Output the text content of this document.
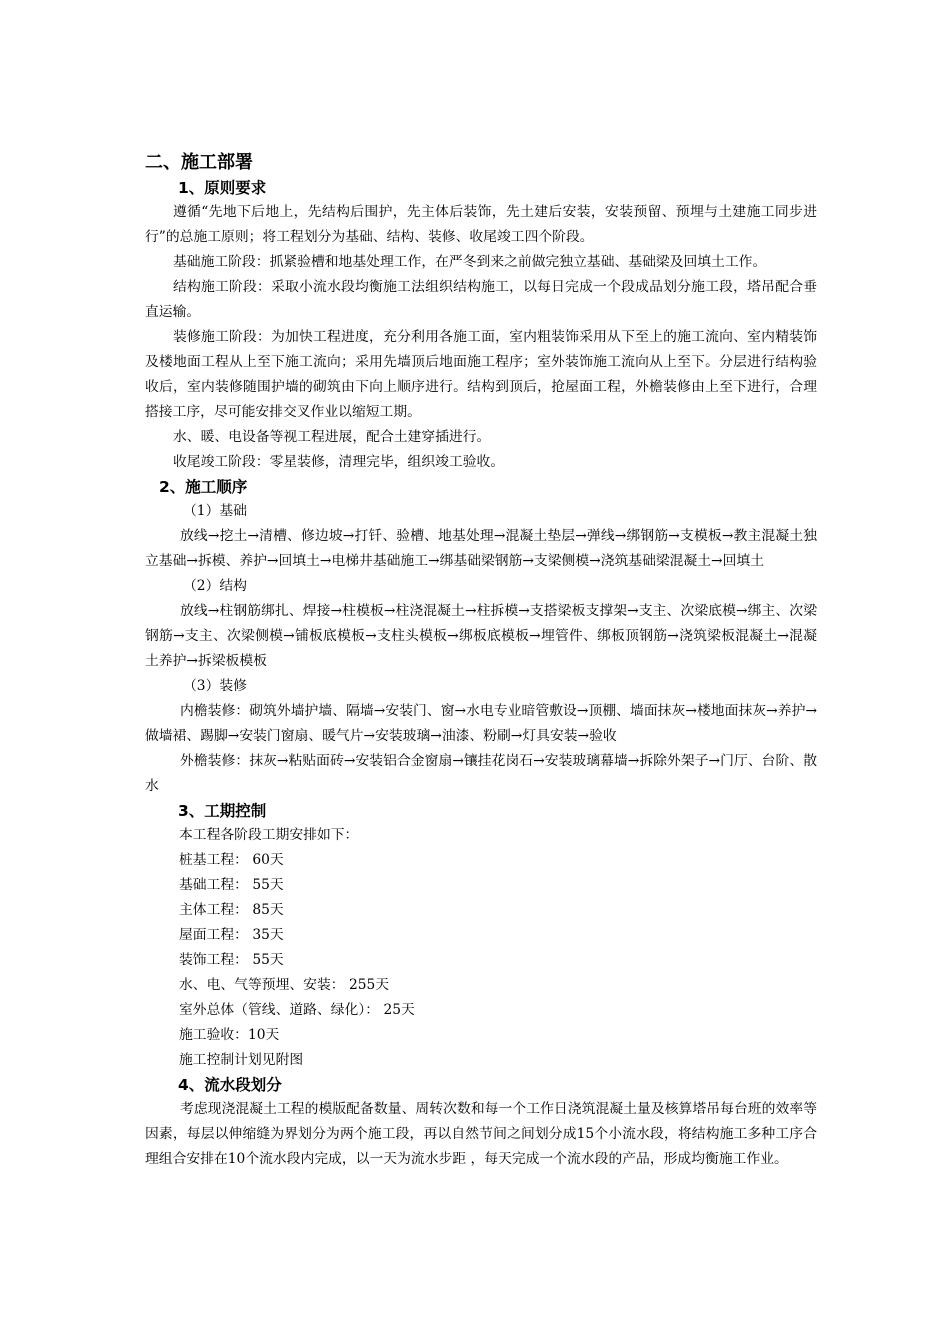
二、施工部署
1、原则要求

遵循“先地下后地上，先结构后围护，先主体后装饰，先土建后安装，安装预留、预埋与土建施工同步进行”的总施工原则；将工程划分为基础、结构、装修、收尾竣工四个阶段。

基础施工阶段：抓紧验槽和地基处理工作，在严冬到来之前做完独立基础、基础梁及回填土工作。

结构施工阶段：采取小流水段均衡施工法组织结构施工，以每日完成一个段成品划分施工段，塔吊配合垂直运输。

装修施工阶段：为加快工程进度，充分利用各施工面，室内粗装饰采用从下至上的施工流向、室内精装饰及楼地面工程从上至下施工流向；采用先墙顶后地面施工程序；室外装饰施工流向从上至下。分层进行结构验收后，室内装修随围护墙的砌筑由下向上顺序进行。结构到顶后，抢屋面工程，外檐装修由上至下进行，合理搭接工序，尽可能安排交叉作业以缩短工期。

水、暖、电设备等视工程进展，配合土建穿插进行。

收尾竣工阶段：零星装修，清理完毕，组织竣工验收。

2、施工顺序
（1）基础

放线→挖土→清槽、修边坡→打钎、验槽、地基处理→混凝土垫层→弹线→绑钢筋→支模板→教主混凝土独立基础→拆模、养护→回填土→电梯井基础施工→绑基础梁钢筋→支梁侧模→浇筑基础梁混凝土→回填土

（2）结构

放线→柱钢筋绑扎、焊接→柱模板→柱浇混凝土→柱拆模→支搭梁板支撑架→支主、次梁底模→绑主、次梁钢筋→支主、次梁侧模→铺板底模板→支柱头模板→绑板底模板→埋管件、绑板顶钢筋→浇筑梁板混凝土→混凝土养护→拆梁板模板

（3）装修

内檐装修：砌筑外墙护墙、隔墙→安装门、窗→水电专业暗管敷设→顶棚、墙面抹灰→楼地面抹灰→养护→做墙裙、踢脚→安装门窗扇、暖气片→安装玻璃→油漆、粉刷→灯具安装→验收

外檐装修：抹灰→粘贴面砖→安装铝合金窗扇→镶挂花岗石→安装玻璃幕墙→拆除外架子→门厅、台阶、散水

3、工期控制
本工程各阶段工期安排如下：
桩基工程： 60天
基础工程： 55天
主体工程： 85天
屋面工程： 35天
装饰工程： 55天
水、电、气等预埋、安装： 255天
室外总体（管线、道路、绿化）： 25天
施工验收：10天
施工控制计划见附图
4、流水段划分

考虑现浇混凝土工程的模版配备数量、周转次数和每一个工作日浇筑混凝土量及核算塔吊每台班的效率等因素，每层以伸缩缝为界划分为两个施工段，再以自然节间之间划分成15个小流水段，将结构施工多种工序合理组合安排在10个流水段内完成，以一天为流水步距 ，每天完成一个流水段的产品，形成均衡施工作业。
